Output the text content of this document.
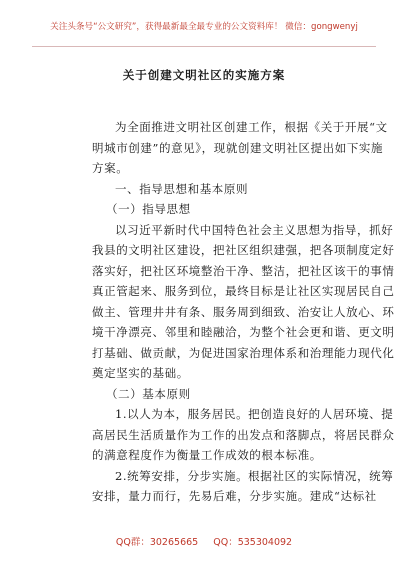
关注头条号“公文研究”，获得最新最全最专业的公文资料库！ 微信：gongwenyj
关于创建文明社区的实施方案
为全面推进文明社区创建工作，根据《关于开展“文
明城市创建”的意见》，现就创建文明社区提出如下实施
方案。
一、指导思想和基本原则
（一）指导思想
以习近平新时代中国特色社会主义思想为指导，抓好
我县的文明社区建设，把社区组织建强，把各项制度定好
落实好，把社区环境整治干净、整洁，把社区该干的事情
真正管起来、服务到位，最终目标是让社区实现居民自己
做主、管理井井有条、服务周到细致、治安让人放心、环
境干净漂亮、邻里和睦融洽，为整个社会更和谐、更文明
打基础、做贡献，为促进国家治理体系和治理能力现代化
奠定坚实的基础。
（二）基本原则
1.以人为本，服务居民。把创造良好的人居环境、提
高居民生活质量作为工作的出发点和落脚点，将居民群众
的满意程度作为衡量工作成效的根本标准。
2.统筹安排，分步实施。根据社区的实际情况，统筹
安排，量力而行，先易后难，分步实施。建成“达标社
QQ群：30265665 QQ：535304092
